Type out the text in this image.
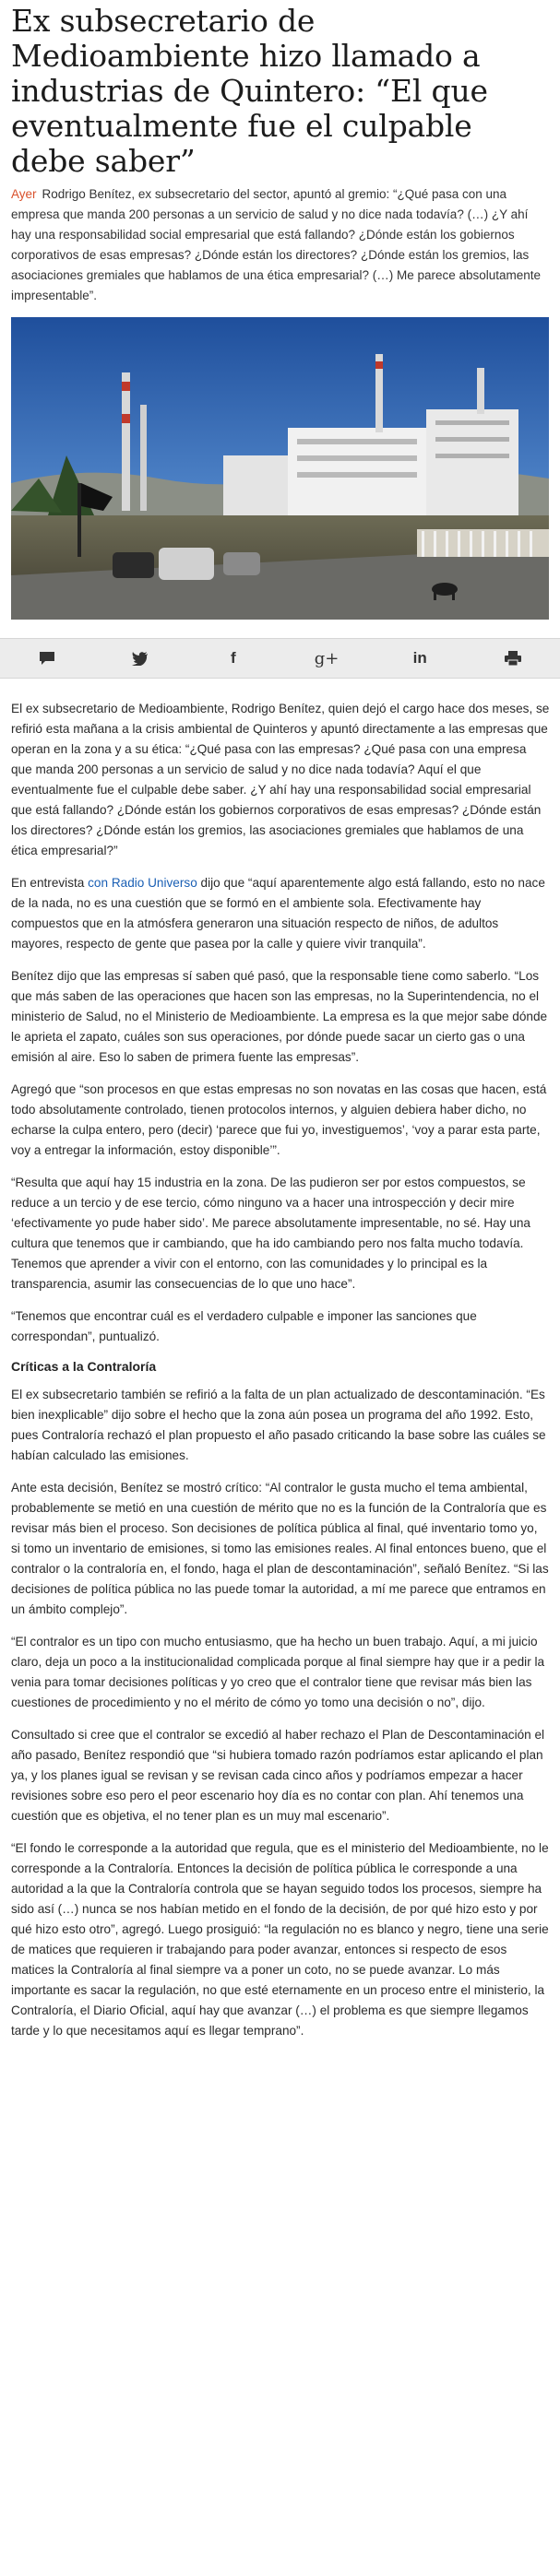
Ex subsecretario de Medioambiente hizo llamado a industrias de Quintero: “El que eventualmente fue el culpable debe saber”

Ayer Rodrigo Benítez, ex subsecretario del sector, apuntó al gremio: “¿Qué pasa con una empresa que manda 200 personas a un servicio de salud y no dice nada todavía? (…) ¿Y ahí hay una responsabilidad social empresarial que está fallando? ¿Dónde están los gobiernos corporativos de esas empresas? ¿Dónde están los directores? ¿Dónde están los gremios, las asociaciones gremiales que hablamos de una ética empresarial? (…) Me parece absolutamente impresentable”.

f	g+	in

El ex subsecretario de Medioambiente, Rodrigo Benítez, quien dejó el cargo hace dos meses, se refirió esta mañana a la crisis ambiental de Quinteros y apuntó directamente a las empresas que operan en la zona y a su ética: “¿Qué pasa con las empresas? ¿Qué pasa con una empresa que manda 200 personas a un servicio de salud y no dice nada todavía? Aquí el que eventualmente fue el culpable debe saber. ¿Y ahí hay una responsabilidad social empresarial que está fallando? ¿Dónde están los gobiernos corporativos de esas empresas? ¿Dónde están los directores? ¿Dónde están los gremios, las asociaciones gremiales que hablamos de una ética empresarial?”

En entrevista con Radio Universo dijo que “aquí aparentemente algo está fallando, esto no nace de la nada, no es una cuestión que se formó en el ambiente sola. Efectivamente hay compuestos que en la atmósfera generaron una situación respecto de niños, de adultos mayores, respecto de gente que pasea por la calle y quiere vivir tranquila”.

Benítez dijo que las empresas sí saben qué pasó, que la responsable tiene como saberlo. “Los que más saben de las operaciones que hacen son las empresas, no la Superintendencia, no el ministerio de Salud, no el Ministerio de Medioambiente. La empresa es la que mejor sabe dónde le aprieta el zapato, cuáles son sus operaciones, por dónde puede sacar un cierto gas o una emisión al aire. Eso lo saben de primera fuente las empresas”.

Agregó que “son procesos en que estas empresas no son novatas en las cosas que hacen, está todo absolutamente controlado, tienen protocolos internos, y alguien debiera haber dicho, no echarse la culpa entero, pero (decir) ‘parece que fui yo, investiguemos’, ‘voy a parar esta parte, voy a entregar la información, estoy disponible’”.

“Resulta que aquí hay 15 industria en la zona. De las pudieron ser por estos compuestos, se reduce a un tercio y de ese tercio, cómo ninguno va a hacer una introspección y decir mire ‘efectivamente yo pude haber sido’. Me parece absolutamente impresentable, no sé. Hay una cultura que tenemos que ir cambiando, que ha ido cambiando pero nos falta mucho todavía. Tenemos que aprender a vivir con el entorno, con las comunidades y lo principal es la transparencia, asumir las consecuencias de lo que uno hace”.

“Tenemos que encontrar cuál es el verdadero culpable e imponer las sanciones que correspondan”, puntualizó.

Críticas a la Contraloría

El ex subsecretario también se refirió a la falta de un plan actualizado de descontaminación. “Es bien inexplicable” dijo sobre el hecho que la zona aún posea un programa del año 1992. Esto, pues Contraloría rechazó el plan propuesto el año pasado criticando la base sobre las cuáles se habían calculado las emisiones.

Ante esta decisión, Benítez se mostró crítico: “Al contralor le gusta mucho el tema ambiental, probablemente se metió en una cuestión de mérito que no es la función de la Contraloría que es revisar más bien el proceso. Son decisiones de política pública al final, qué inventario tomo yo, si tomo un inventario de emisiones, si tomo las emisiones reales. Al final entonces bueno, que el contralor o la contraloría en, el fondo, haga el plan de descontaminación”, señaló Benítez. “Si las decisiones de política pública no las puede tomar la autoridad, a mí me parece que entramos en un ámbito complejo”.

“El contralor es un tipo con mucho entusiasmo, que ha hecho un buen trabajo. Aquí, a mi juicio claro, deja un poco a la institucionalidad complicada porque al final siempre hay que ir a pedir la venia para tomar decisiones políticas y yo creo que el contralor tiene que revisar más bien las cuestiones de procedimiento y no el mérito de cómo yo tomo una decisión o no”, dijo.

Consultado si cree que el contralor se excedió al haber rechazo el Plan de Descontaminación el año pasado, Benítez respondió que “si hubiera tomado razón podríamos estar aplicando el plan ya, y los planes igual se revisan y se revisan cada cinco años y podríamos empezar a hacer revisiones sobre eso pero el peor escenario hoy día es no contar con plan. Ahí tenemos una cuestión que es objetiva, el no tener plan es un muy mal escenario”.

“El fondo le corresponde a la autoridad que regula, que es el ministerio del Medioambiente, no le corresponde a la Contraloría. Entonces la decisión de política pública le corresponde a una autoridad a la que la Contraloría controla que se hayan seguido todos los procesos, siempre ha sido así (…) nunca se nos habían metido en el fondo de la decisión, de por qué hizo esto y por qué hizo esto otro”, agregó. Luego prosiguió: “la regulación no es blanco y negro, tiene una serie de matices que requieren ir trabajando para poder avanzar, entonces si respecto de esos matices la Contraloría al final siempre va a poner un coto, no se puede avanzar. Lo más importante es sacar la regulación, no que esté eternamente en un proceso entre el ministerio, la Contraloría, el Diario Oficial, aquí hay que avanzar (…) el problema es que siempre llegamos tarde y lo que necesitamos aquí es llegar temprano”.
